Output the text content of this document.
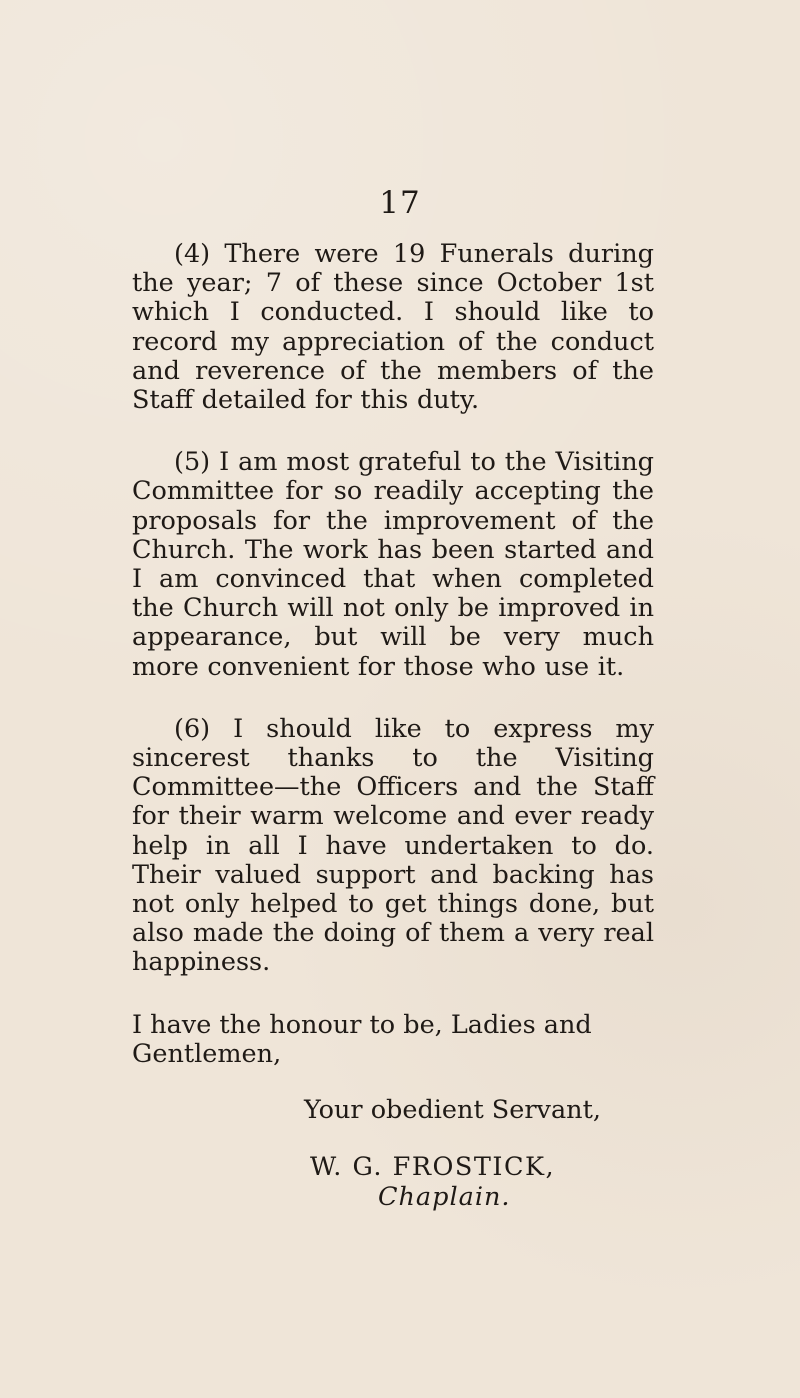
17

(4) There were 19 Funerals during the year; 7 of these since October 1st which I conducted. I should like to record my appreciation of the conduct and reverence of the members of the Staff detailed for this duty.

(5) I am most grateful to the Visiting Committee for so readily accepting the proposals for the improvement of the Church. The work has been started and I am convinced that when completed the Church will not only be improved in appearance, but will be very much more convenient for those who use it.

(6) I should like to express my sincerest thanks to the Visiting Committee—the Officers and the Staff for their warm welcome and ever ready help in all I have undertaken to do. Their valued support and backing has not only helped to get things done, but also made the doing of them a very real happiness.

I have the honour to be, Ladies and Gentlemen,

Your obedient Servant,
W. G. FROSTICK,
Chaplain.
